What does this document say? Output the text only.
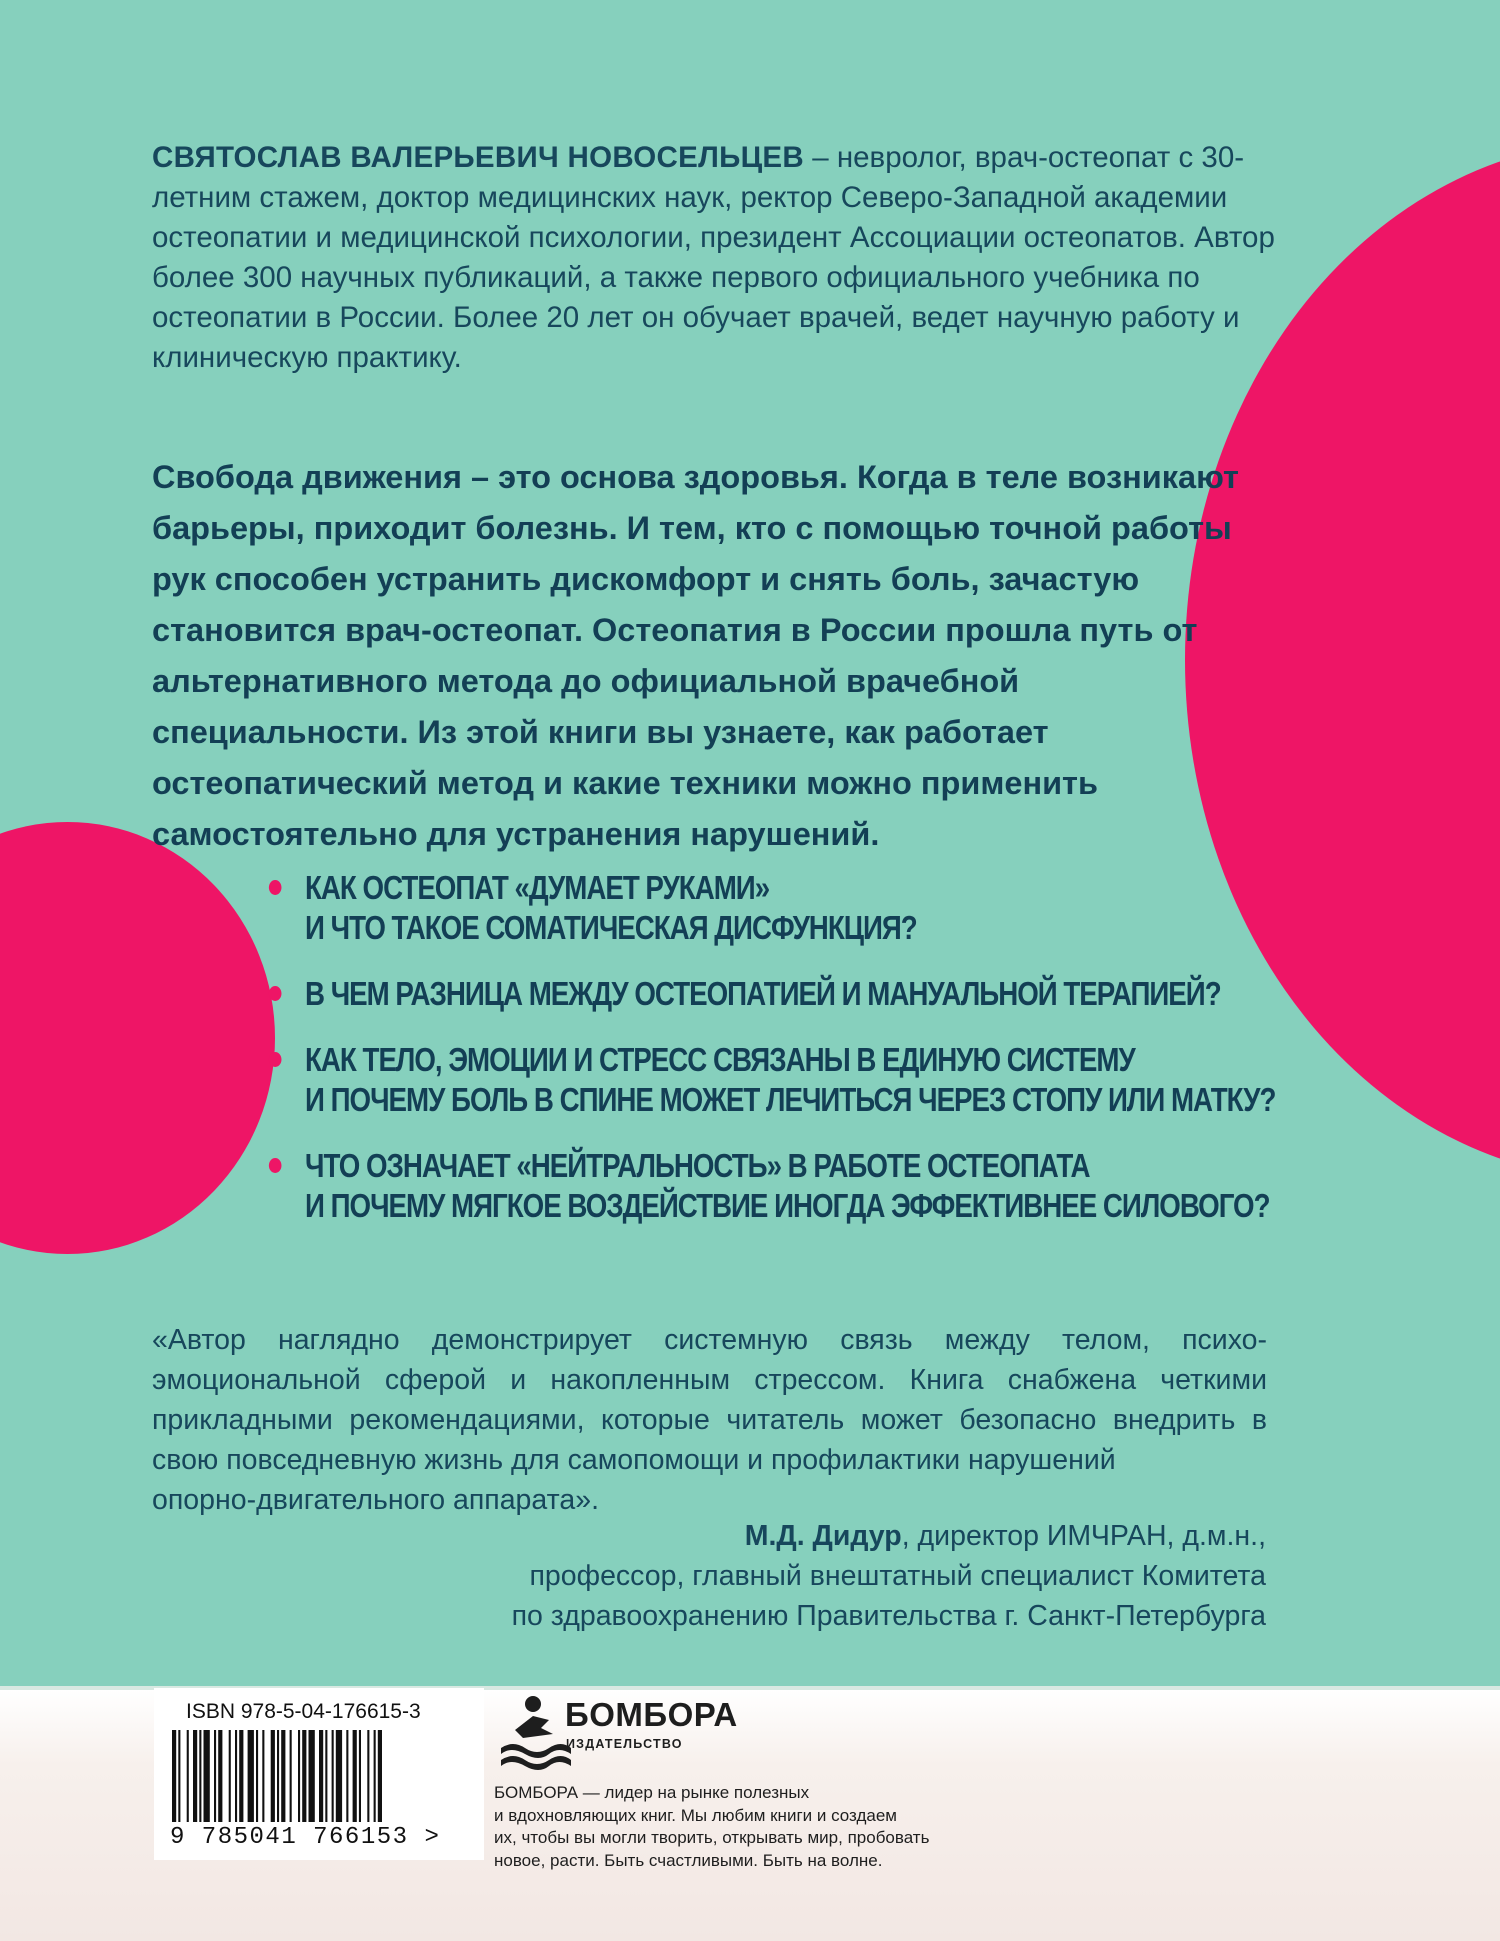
СВЯТОСЛАВ ВАЛЕРЬЕВИЧ НОВОСЕЛЬЦЕВ – невролог, врач-остеопат с 30-летним стажем, доктор медицинских наук, ректор Северо-Западной академии остеопатии и медицинской психологии, президент Ассоциации остеопатов. Автор более 300 научных публикаций, а также первого официального учебника по остеопатии в России. Более 20 лет он обучает врачей, ведет научную работу и клиническую практику.
Свобода движения – это основа здоровья. Когда в теле возникают барьеры, приходит болезнь. И тем, кто с помощью точной работы рук способен устранить дискомфорт и снять боль, зачастую становится врач-остеопат. Остеопатия в России прошла путь от альтернативного метода до официальной врачебной специальности. Из этой книги вы узнаете, как работает остеопатический метод и какие техники можно применить самостоятельно для устранения нарушений.
КАК ОСТЕОПАТ «ДУМАЕТ РУКАМИ»
И ЧТО ТАКОЕ СОМАТИЧЕСКАЯ ДИСФУНКЦИЯ?
В ЧЕМ РАЗНИЦА МЕЖДУ ОСТЕОПАТИЕЙ И МАНУАЛЬНОЙ ТЕРАПИЕЙ?
КАК ТЕЛО, ЭМОЦИИ И СТРЕСС СВЯЗАНЫ В ЕДИНУЮ СИСТЕМУ
И ПОЧЕМУ БОЛЬ В СПИНЕ МОЖЕТ ЛЕЧИТЬСЯ ЧЕРЕЗ СТОПУ ИЛИ МАТКУ?
ЧТО ОЗНАЧАЕТ «НЕЙТРАЛЬНОСТЬ» В РАБОТЕ ОСТЕОПАТА
И ПОЧЕМУ МЯГКОЕ ВОЗДЕЙСТВИЕ ИНОГДА ЭФФЕКТИВНЕЕ СИЛОВОГО?
«Автор наглядно демонстрирует системную связь между телом, психо-эмоциональной сферой и накопленным стрессом. Книга снабжена четкими прикладными рекомендациями, которые читатель может безопасно внедрить в свою повседневную жизнь для самопомощи и профилактики нарушений
опорно-двигательного аппарата».
М.Д. Дидур, директор ИМЧРАН, д.м.н.,
профессор, главный внештатный специалист Комитета
по здравоохранению Правительства г. Санкт-Петербурга
ISBN 978-5-04-176615-3
9 785041 766153 >
БОМБОРА
ИЗДАТЕЛЬСТВО
БОМБОРА — лидер на рынке полезных
и вдохновляющих книг. Мы любим книги и создаем
их, чтобы вы могли творить, открывать мир, пробовать
новое, расти. Быть счастливыми. Быть на волне.
